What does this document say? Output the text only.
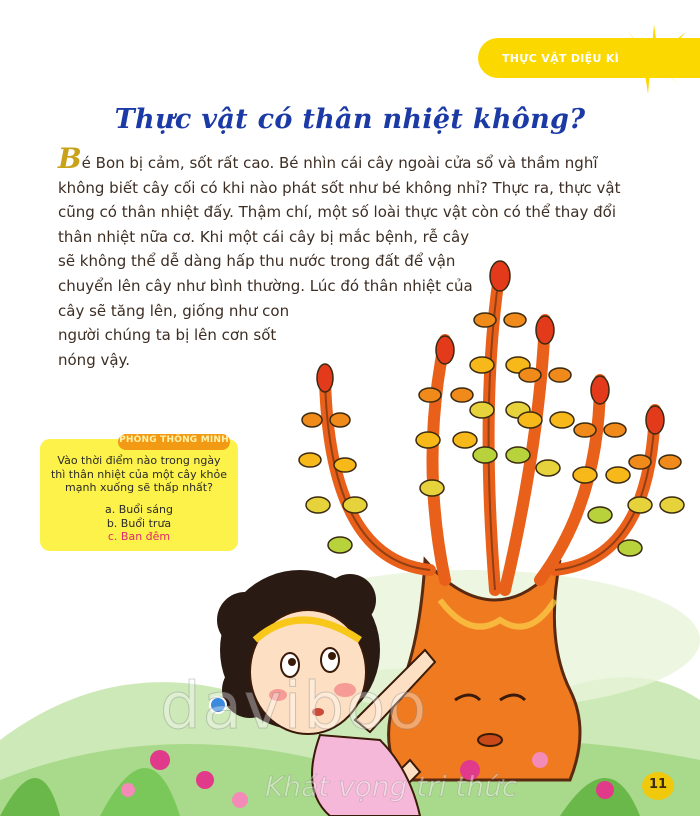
THỰC VẬT DIỆU KÌ
Thực vật có thân nhiệt không?
Bé Bon bị cảm, sốt rất cao. Bé nhìn cái cây ngoài cửa sổ và thầm nghĩ
không biết cây cối có khi nào phát sốt như bé không nhỉ? Thực ra, thực vật
cũng có thân nhiệt đấy. Thậm chí, một số loài thực vật còn có thể thay đổi
thân nhiệt nữa cơ. Khi một cái cây bị mắc bệnh, rễ cây
sẽ không thể dễ dàng hấp thu nước trong đất để vận
chuyển lên cây như bình thường. Lúc đó thân nhiệt của
cây sẽ tăng lên, giống như con
người chúng ta bị lên cơn sốt
nóng vậy.
PHÒNG THÔNG MINH
Vào thời điểm nào trong ngày
thì thân nhiệt của một cây khỏe
mạnh xuống sẽ thấp nhất?
a. Buổi sáng
b. Buổi trưa
c. Ban đêm
daviboo
Khát vọng tri thức	11
